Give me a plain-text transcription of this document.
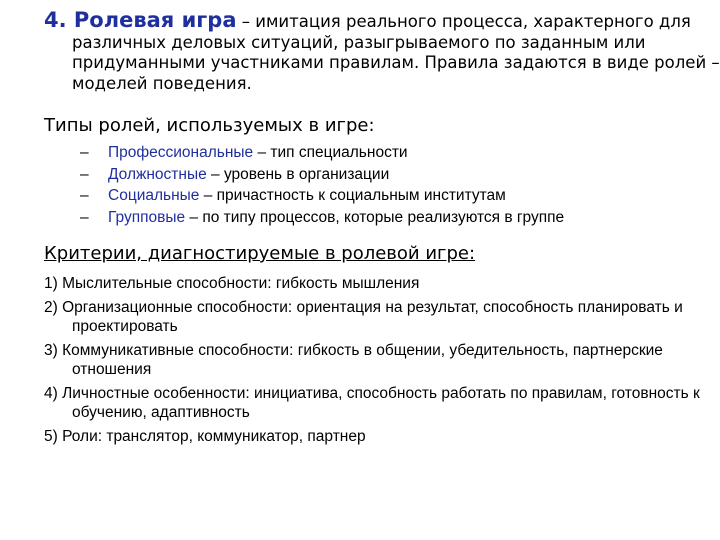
4. Ролевая игра – имитация реального процесса, характерного для различных деловых ситуаций, разыгрываемого по заданным или придуманными участниками правилам. Правила задаются в виде ролей – моделей поведения.

Типы ролей, используемых в игре:
–	Профессиональные – тип специальности
–	Должностные – уровень в организации
–	Социальные – причастность к социальным институтам
–	Групповые – по типу процессов, которые реализуются в группе
Критерии, диагностируемые в ролевой игре:
1) Мыслительные способности: гибкость мышления
2) Организационные способности: ориентация на результат, способность планировать и проектировать
3) Коммуникативные способности: гибкость в общении, убедительность, партнерские отношения
4) Личностные особенности: инициатива, способность работать по правилам, готовность к обучению, адаптивность
5) Роли: транслятор, коммуникатор, партнер
